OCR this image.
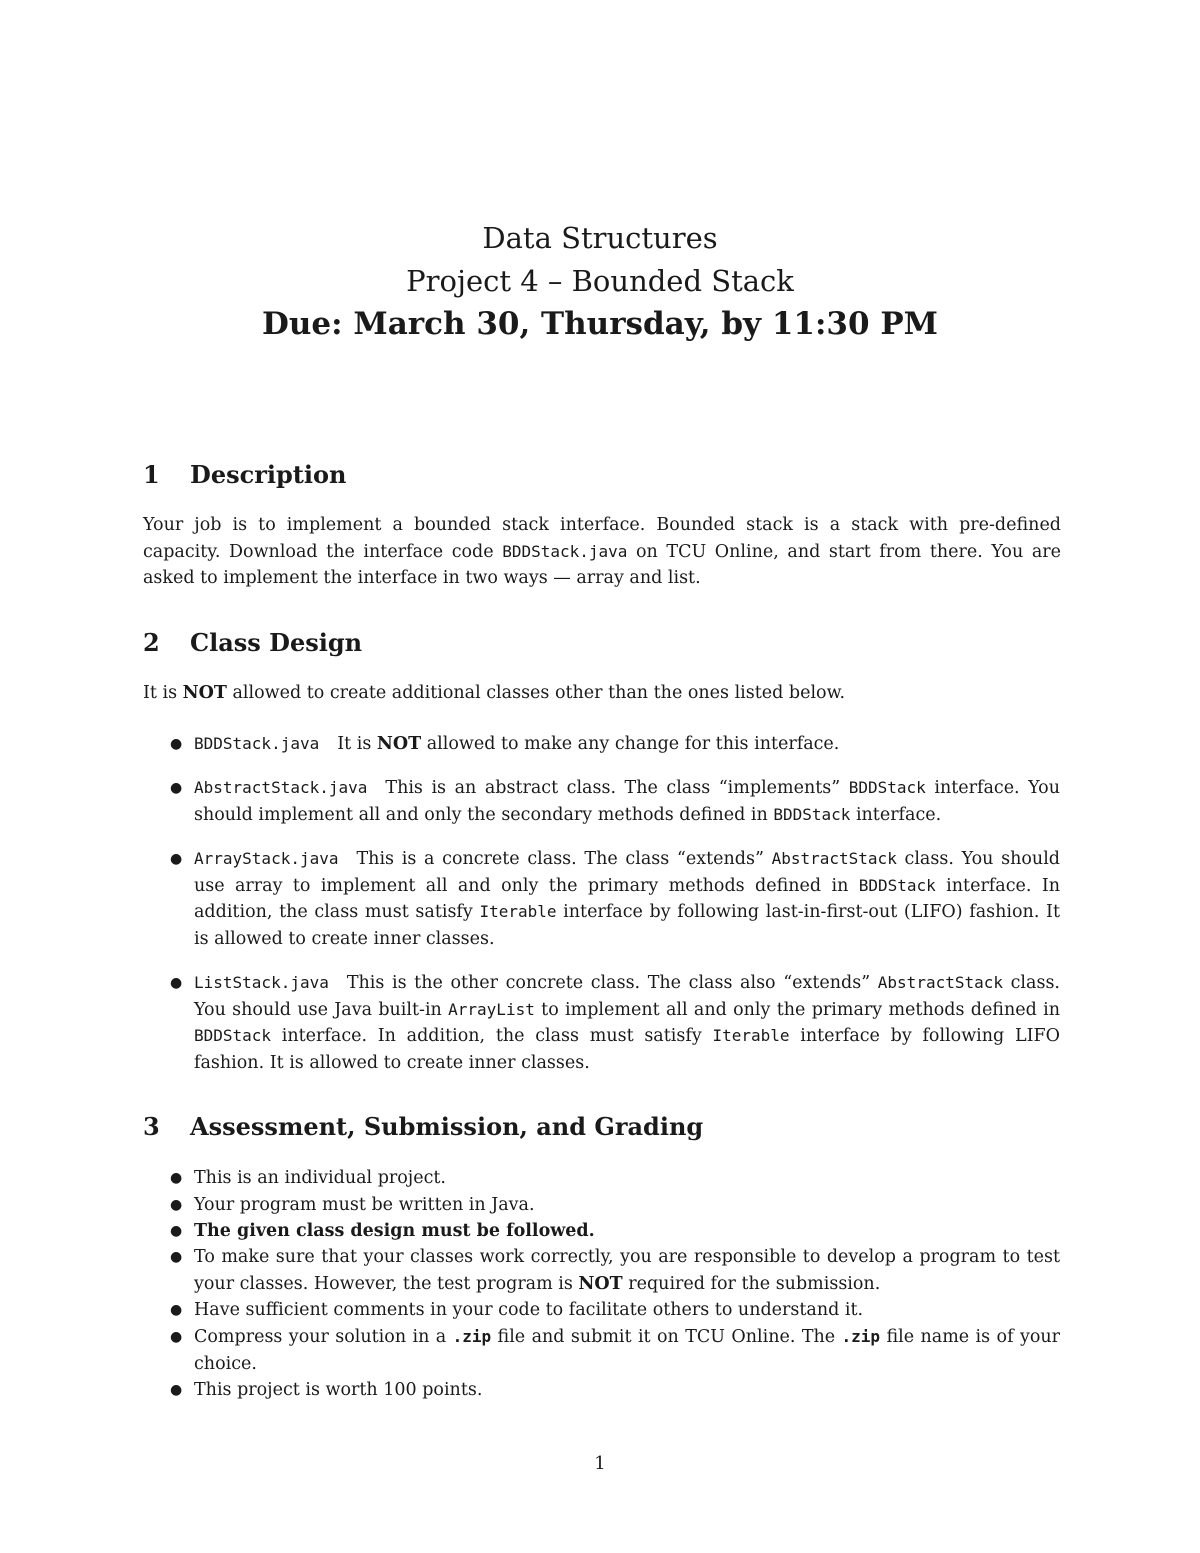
Data Structures
Project 4 – Bounded Stack
Due: March 30, Thursday, by 11:30 PM
1 Description
Your job is to implement a bounded stack interface. Bounded stack is a stack with pre-defined capacity. Download the interface code BDDStack.java on TCU Online, and start from there. You are asked to implement the interface in two ways — array and list.
2 Class Design
It is NOT allowed to create additional classes other than the ones listed below.
● BDDStack.java It is NOT allowed to make any change for this interface.
● AbstractStack.java This is an abstract class. The class “implements” BDDStack interface. You should implement all and only the secondary methods defined in BDDStack interface.
● ArrayStack.java This is a concrete class. The class “extends” AbstractStack class. You should use array to implement all and only the primary methods defined in BDDStack interface. In addition, the class must satisfy Iterable interface by following last-in-first-out (LIFO) fashion. It is allowed to create inner classes.
● ListStack.java This is the other concrete class. The class also “extends” AbstractStack class. You should use Java built-in ArrayList to implement all and only the primary methods defined in BDDStack interface. In addition, the class must satisfy Iterable interface by following LIFO fashion. It is allowed to create inner classes.
3 Assessment, Submission, and Grading
● This is an individual project.
● Your program must be written in Java.
● The given class design must be followed.
● To make sure that your classes work correctly, you are responsible to develop a program to test your classes. However, the test program is NOT required for the submission.
● Have sufficient comments in your code to facilitate others to understand it.
● Compress your solution in a .zip file and submit it on TCU Online. The .zip file name is of your choice.
● This project is worth 100 points.
1
